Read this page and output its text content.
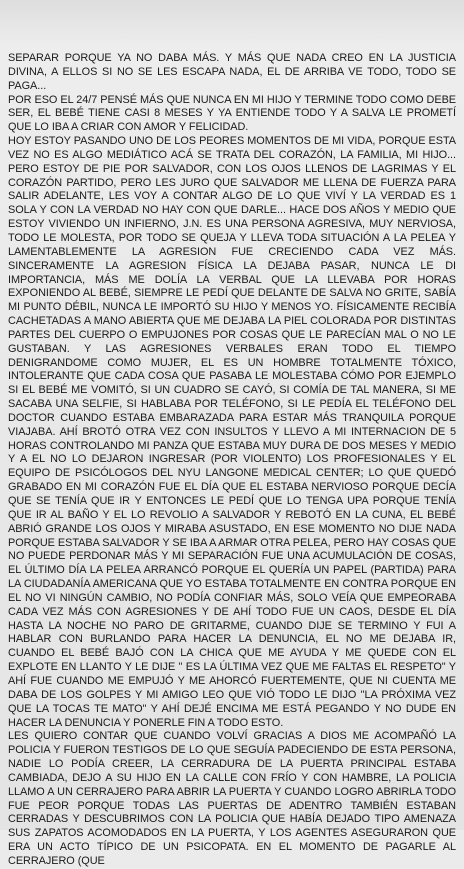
SEPARAR PORQUE YA NO DABA MÁS. Y MÁS QUE NADA CREO EN LA JUSTICIA DIVINA, A ELLOS SI NO SE LES ESCAPA NADA, EL DE ARRIBA VE TODO, TODO SE PAGA...

POR ESO EL 24/7 PENSÉ MÁS QUE NUNCA EN MI HIJO Y TERMINE TODO COMO DEBE SER, EL BEBÉ TIENE CASI 8 MESES Y YA ENTIENDE TODO Y A SALVA LE PROMETÍ QUE LO IBA A CRIAR CON AMOR Y FELICIDAD.

HOY ESTOY PASANDO UNO DE LOS PEORES MOMENTOS DE MI VIDA, PORQUE ESTA VEZ NO ES ALGO MEDIÁTICO ACÁ SE TRATA DEL CORAZÓN, LA FAMILIA, MI HIJO... PERO ESTOY DE PIE POR SALVADOR, CON LOS OJOS LLENOS DE LAGRIMAS Y EL CORAZÓN PARTIDO, PERO LES JURO QUE SALVADOR ME LLENA DE FUERZA PARA SALIR ADELANTE, LES VOY A CONTAR ALGO DE LO QUE VIVÍ Y LA VERDAD ES 1 SOLA Y CON LA VERDAD NO HAY CON QUE DARLE... HACE DOS AÑOS Y MEDIO QUE ESTOY VIVIENDO UN INFIERNO, J.N. ES UNA PERSONA AGRESIVA, MUY NERVIOSA, TODO LE MOLESTA, POR TODO SE QUEJA Y LLEVA TODA SITUACIÓN A LA PELEA Y LAMENTABLEMENTE LA AGRESION FUE CRECIENDO CADA VEZ MÁS. SINCERAMENTE LA AGRESION FÍSICA LA DEJABA PASAR, NUNCA LE DI IMPORTANCIA, MÁS ME DOLÍA LA VERBAL QUE LA LLEVABA POR HORAS EXPONIENDO AL BEBÉ, SIEMPRE LE PEDÍ QUE DELANTE DE SALVA NO GRITE, SABÍA MI PUNTO DÉBIL, NUNCA LE IMPORTÓ SU HIJO Y MENOS YO. FÍSICAMENTE RECIBÍA CACHETADAS A MANO ABIERTA QUE ME DEJABA LA PIEL COLORADA POR DISTINTAS PARTES DEL CUERPO O EMPUJONES POR COSAS QUE LE PARECÍAN MAL O NO LE GUSTABAN. Y LAS AGRESIONES VERBALES ERAN TODO EL TIEMPO DENIGRANDOME COMO MUJER, EL ES UN HOMBRE TOTALMENTE TÓXICO, INTOLERANTE QUE CADA COSA QUE PASABA LE MOLESTABA CÓMO POR EJEMPLO SI EL BEBÉ ME VOMITÓ, SI UN CUADRO SE CAYÓ, SI COMÍA DE TAL MANERA, SI ME SACABA UNA SELFIE, SI HABLABA POR TELÉFONO, SI LE PEDÍA EL TELÉFONO DEL DOCTOR CUANDO ESTABA EMBARAZADA PARA ESTAR MÁS TRANQUILA PORQUE VIAJABA. AHÍ BROTÓ OTRA VEZ CON INSULTOS Y LLEVO A MI INTERNACION DE 5 HORAS CONTROLANDO MI PANZA QUE ESTABA MUY DURA DE DOS MESES Y MEDIO Y A EL NO LO DEJARON INGRESAR (POR VIOLENTO) LOS PROFESIONALES Y EL EQUIPO DE PSICÓLOGOS DEL NYU LANGONE MEDICAL CENTER; LO QUE QUEDÓ GRABADO EN MI CORAZÓN FUE EL DÍA QUE EL ESTABA NERVIOSO PORQUE DECÍA QUE SE TENÍA QUE IR Y ENTONCES LE PEDÍ QUE LO TENGA UPA PORQUE TENÍA QUE IR AL BAÑO Y EL LO REVOLIO A SALVADOR Y REBOTÓ EN LA CUNA, EL BEBÉ ABRIÓ GRANDE LOS OJOS Y MIRABA ASUSTADO, EN ESE MOMENTO NO DIJE NADA PORQUE ESTABA SALVADOR Y SE IBA A ARMAR OTRA PELEA, PERO HAY COSAS QUE NO PUEDE PERDONAR MÁS Y MI SEPARACIÓN FUE UNA ACUMULACIÓN DE COSAS, EL ÚLTIMO DÍA LA PELEA ARRANCÓ PORQUE EL QUERÍA UN PAPEL (PARTIDA) PARA LA CIUDADANÍA AMERICANA QUE YO ESTABA TOTALMENTE EN CONTRA PORQUE EN EL NO VI NINGÚN CAMBIO, NO PODÍA CONFIAR MÁS, SOLO VEÍA QUE EMPEORABA CADA VEZ MÁS CON AGRESIONES Y DE AHÍ TODO FUE UN CAOS, DESDE EL DÍA HASTA LA NOCHE NO PARO DE GRITARME, CUANDO DIJE SE TERMINO Y FUI A HABLAR CON BURLANDO PARA HACER LA DENUNCIA, EL NO ME DEJABA IR, CUANDO EL BEBÉ BAJÓ CON LA CHICA QUE ME AYUDA Y ME QUEDE CON EL EXPLOTE EN LLANTO Y LE DIJE " ES LA ÚLTIMA VEZ QUE ME FALTAS EL RESPETO" Y AHÍ FUE CUANDO ME EMPUJÓ Y ME AHORCÓ FUERTEMENTE, QUE NI CUENTA ME DABA DE LOS GOLPES Y MI AMIGO LEO QUE VIÓ TODO LE DIJO "LA PRÓXIMA VEZ QUE LA TOCAS TE MATO" Y AHÍ DEJÉ ENCIMA ME ESTÁ PEGANDO Y NO DUDE EN HACER LA DENUNCIA Y PONERLE FIN A TODO ESTO.

LES QUIERO CONTAR QUE CUANDO VOLVÍ GRACIAS A DIOS ME ACOMPAÑÓ LA POLICIA Y FUERON TESTIGOS DE LO QUE SEGUÍA PADECIENDO DE ESTA PERSONA, NADIE LO PODÍA CREER, LA CERRADURA DE LA PUERTA PRINCIPAL ESTABA CAMBIADA, DEJO A SU HIJO EN LA CALLE CON FRÍO Y CON HAMBRE, LA POLICIA LLAMO A UN CERRAJERO PARA ABRIR LA PUERTA Y CUANDO LOGRO ABRIRLA TODO FUE PEOR PORQUE TODAS LAS PUERTAS DE ADENTRO TAMBIÉN ESTABAN CERRADAS Y DESCUBRIMOS CON LA POLICIA QUE HABÍA DEJADO TIPO AMENAZA SUS ZAPATOS ACOMODADOS EN LA PUERTA, Y LOS AGENTES ASEGURARON QUE ERA UN ACTO TÍPICO DE UN PSICOPATA. EN EL MOMENTO DE PAGARLE AL CERRAJERO (QUE
